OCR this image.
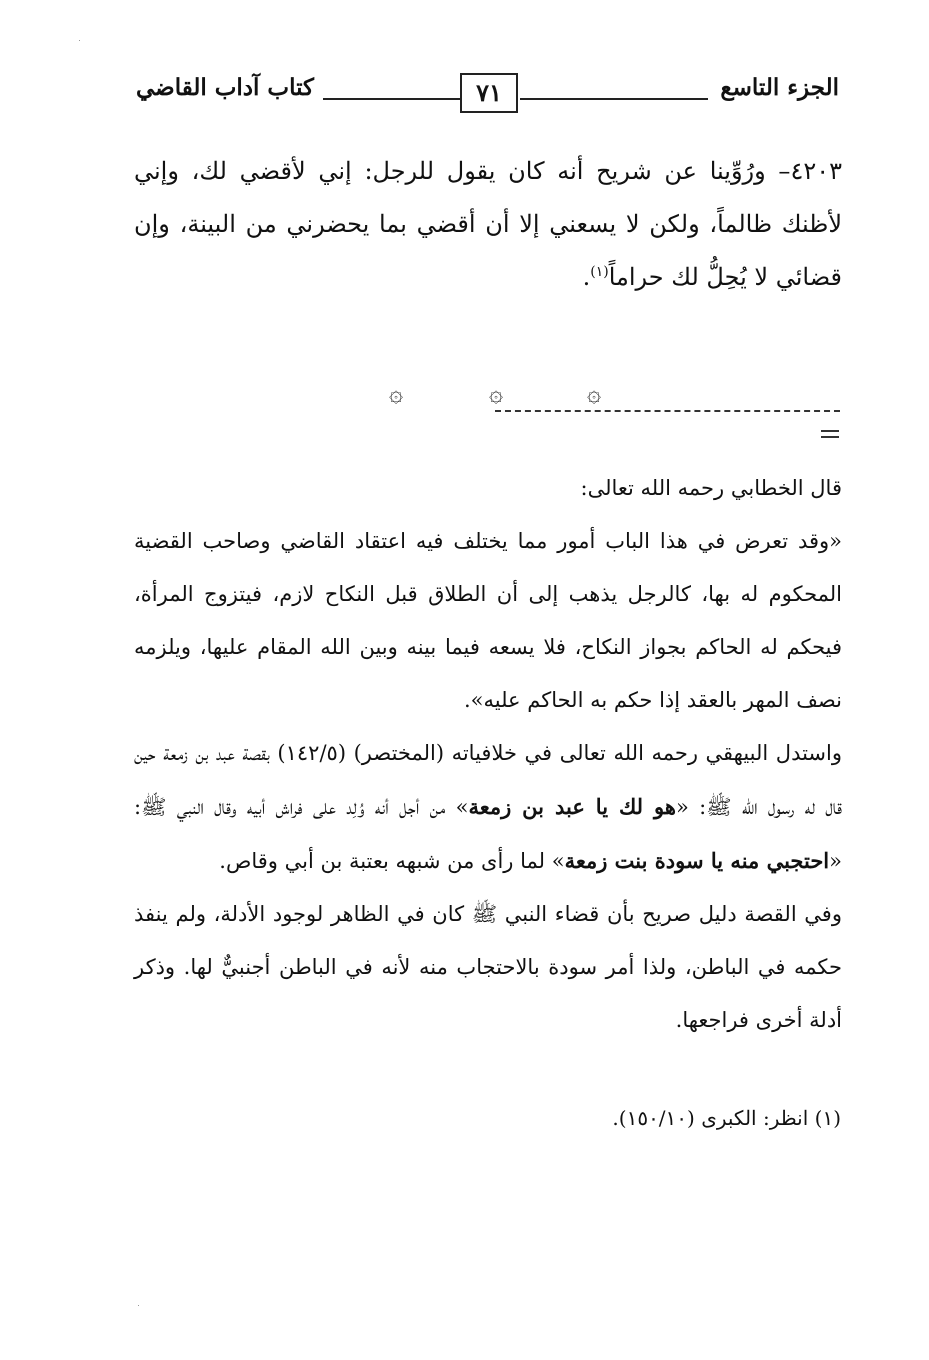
الجزء التاسع
٧١
كتاب آداب القاضي

٤٢٠٣– ورُوِّينا عن شريح أنه كان يقول للرجل: إني لأقضي لك، وإني لأظنك ظالماً، ولكن لا يسعني إلا أن أقضي بما يحضرني من البينة، وإن قضائي لا يُحِلُّ لك حراماً$^{(١)}$.

۞	۞	۞

قال الخطابي رحمه الله تعالى:

«وقد تعرض في هذا الباب أمور مما يختلف فيه اعتقاد القاضي وصاحب القضية المحكوم له بها، كالرجل يذهب إلى أن الطلاق قبل النكاح لازم، فيتزوج المرأة، فيحكم له الحاكم بجواز النكاح، فلا يسعه فيما بينه وبين الله المقام عليها، ويلزمه نصف المهر بالعقد إذا حكم به الحاكم عليه».

واستدل البيهقي رحمه الله تعالى في خلافياته (المختصر) (١٤٢/٥) بقصة عبد بن زمعة حين قال له رسول الله ﷺ: «هو لك يا عبد بن زمعة» من أجل أنه وُلِد على فراش أبيه وقال النبي ﷺ: «احتجبي منه يا سودة بنت زمعة» لما رأى من شبهه بعتبة بن أبي وقاص.

وفي القصة دليل صريح بأن قضاء النبي ﷺ كان في الظاهر لوجود الأدلة، ولم ينفذ حكمه في الباطن، ولذا أمر سودة بالاحتجاب منه لأنه في الباطن أجنبيٌّ لها. وذكر أدلة أخرى فراجعها.

(١) انظر: الكبرى (١٥٠/١٠).
